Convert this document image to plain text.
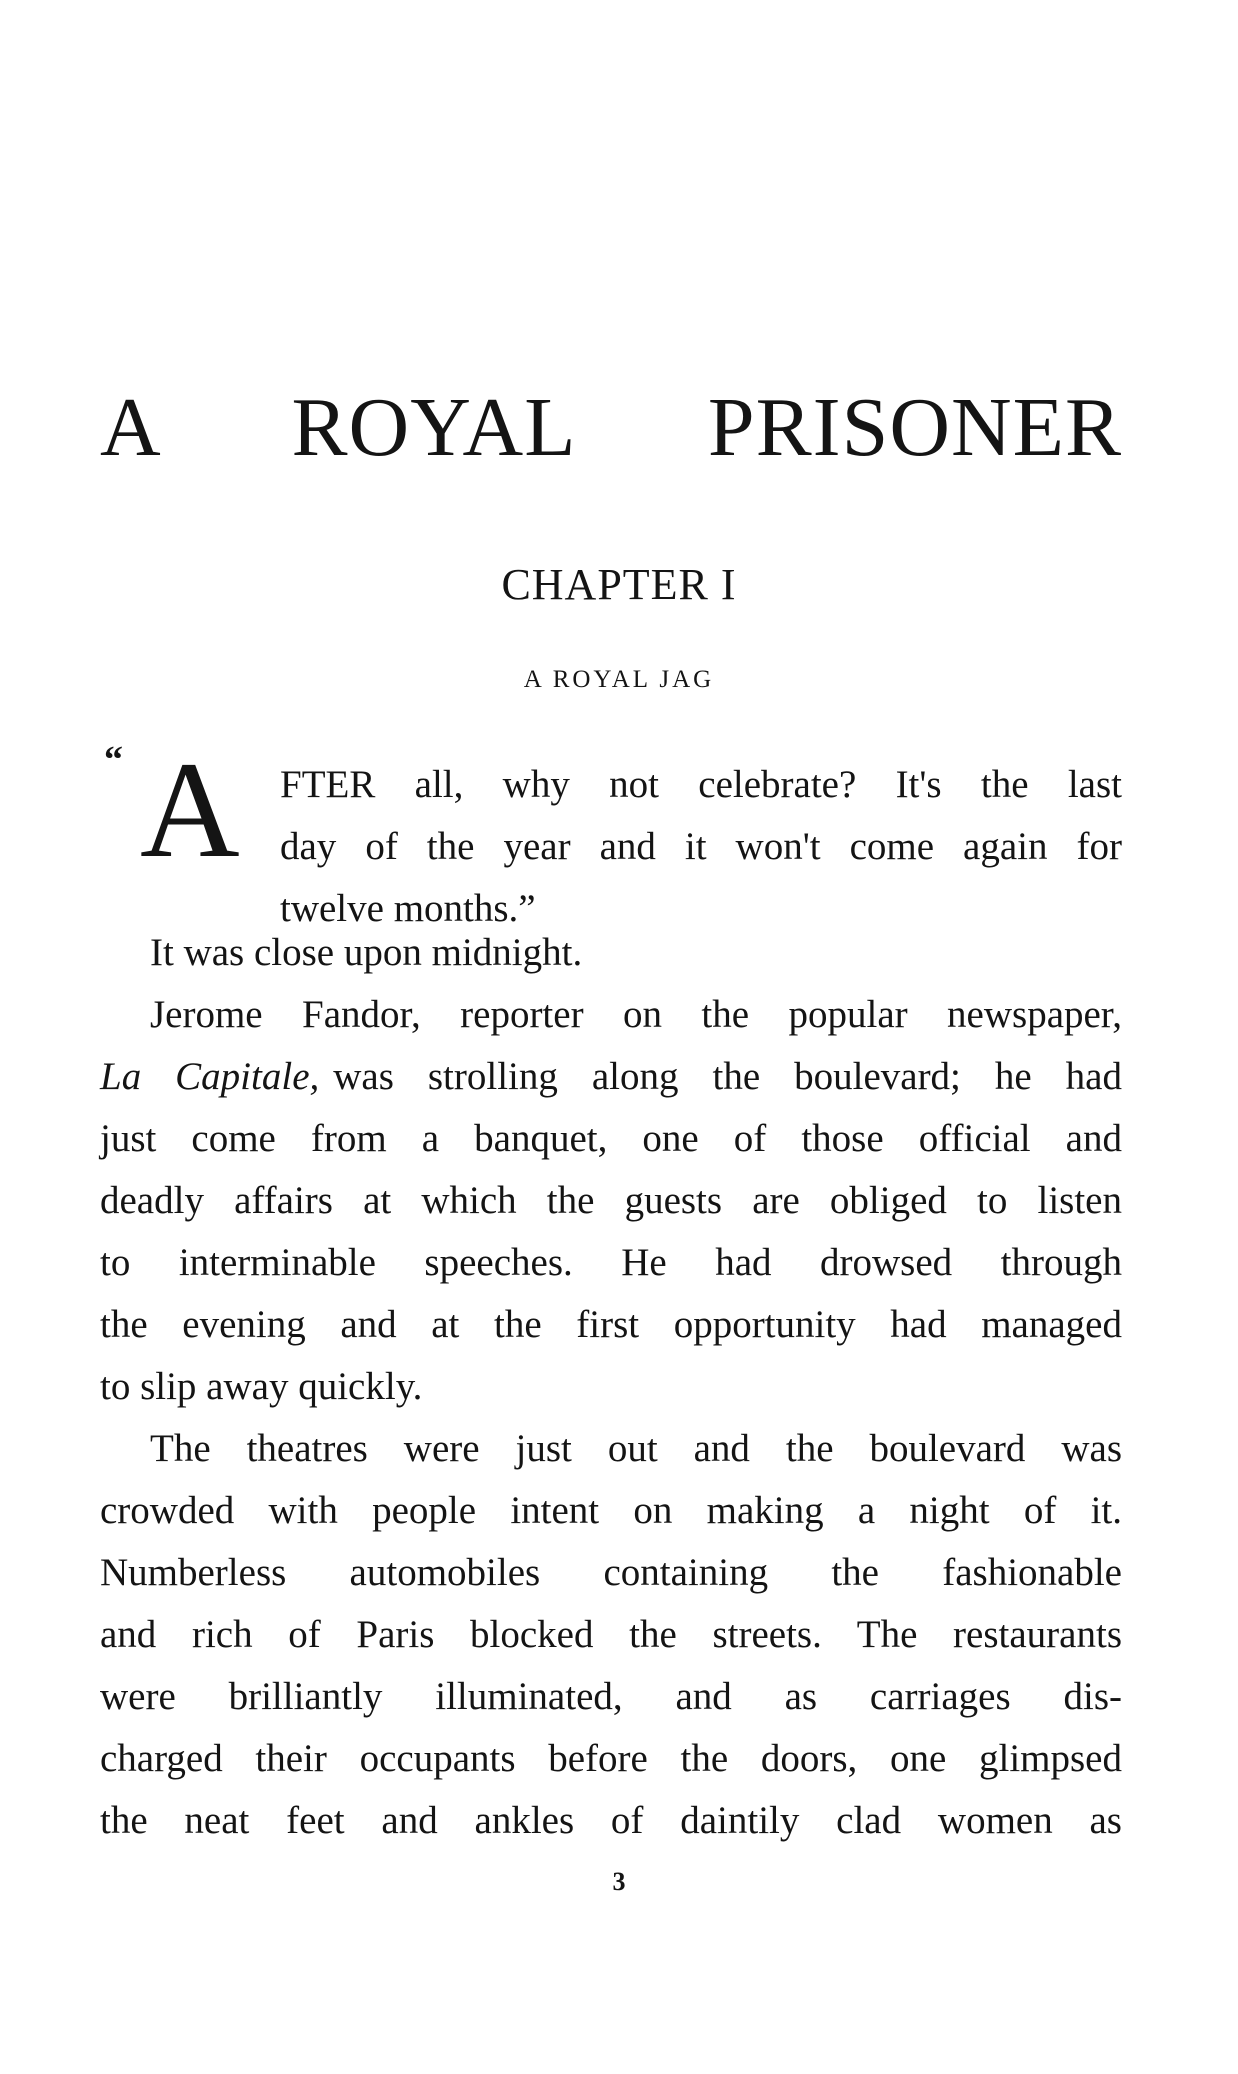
A ROYAL PRISONER
CHAPTER I
A ROYAL JAG
“ A FTER all, why not celebrate? It's the last
day of the year and it won't come again for
twelve months.”
It was close upon midnight.
Jerome Fandor, reporter on the popular newspaper,
La Capitale, was strolling along the boulevard; he had
just come from a banquet, one of those official and
deadly affairs at which the guests are obliged to listen
to interminable speeches. He had drowsed through
the evening and at the first opportunity had managed
to slip away quickly.
The theatres were just out and the boulevard was
crowded with people intent on making a night of it.
Numberless automobiles containing the fashionable
and rich of Paris blocked the streets. The restaurants
were brilliantly illuminated, and as carriages dis-
charged their occupants before the doors, one glimpsed
the neat feet and ankles of daintily clad women as
3
